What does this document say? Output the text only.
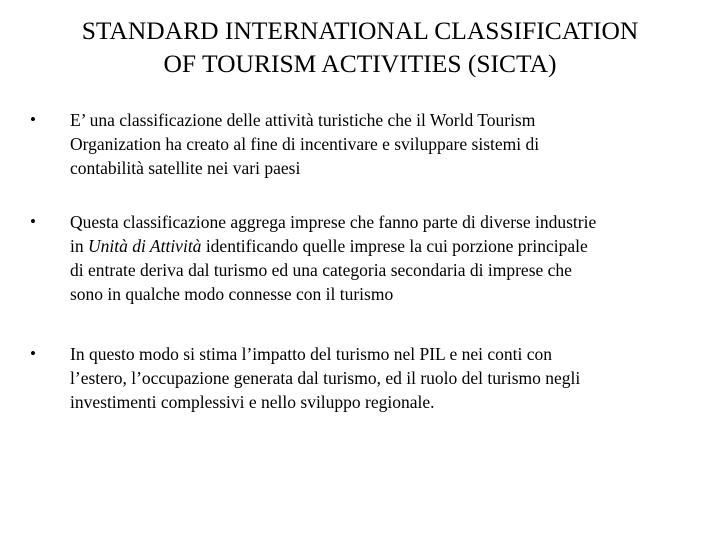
STANDARD INTERNATIONAL CLASSIFICATION
OF TOURISM ACTIVITIES (SICTA)
• E’ una classificazione delle attività turistiche che il World Tourism
Organization ha creato al fine di incentivare e sviluppare sistemi di
contabilità satellite nei vari paesi
• Questa classificazione aggrega imprese che fanno parte di diverse industrie
in Unità di Attività identificando quelle imprese la cui porzione principale
di entrate deriva dal turismo ed una categoria secondaria di imprese che
sono in qualche modo connesse con il turismo
• In questo modo si stima l’impatto del turismo nel PIL e nei conti con
l’estero, l’occupazione generata dal turismo, ed il ruolo del turismo negli
investimenti complessivi e nello sviluppo regionale.
